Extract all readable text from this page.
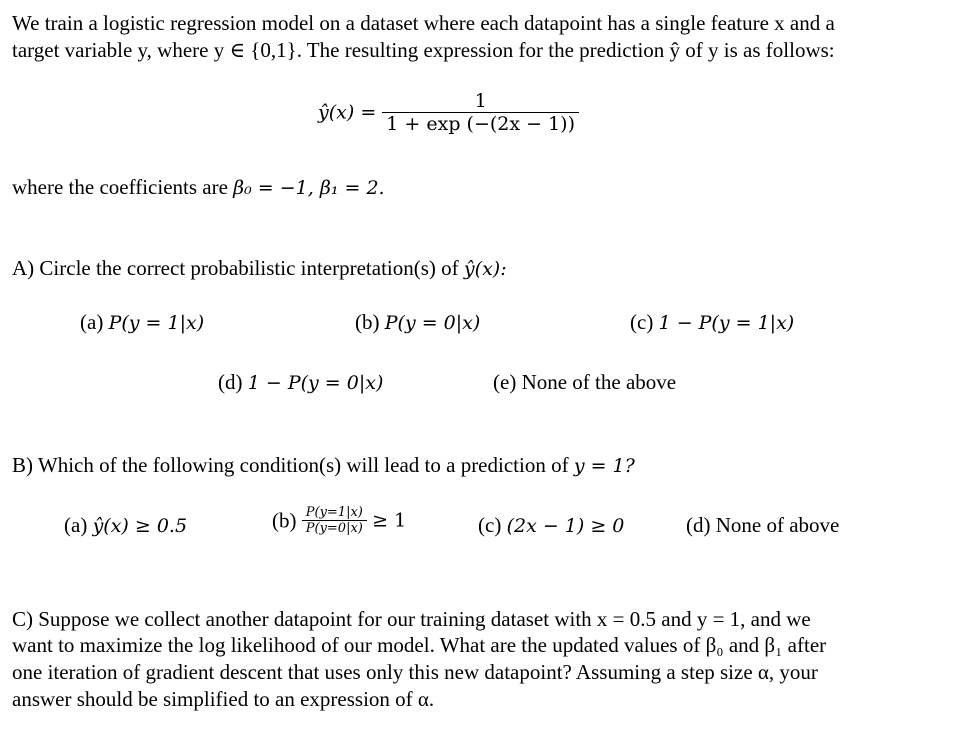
We train a logistic regression model on a dataset where each datapoint has a single feature x and a
target variable y, where y ∈ {0,1}. The resulting expression for the prediction ŷ of y is as follows:
ŷ(x) = $\frac{1}{1 + \exp (-(2x - 1))}$
where the coefficients are β₀ = −1, β₁ = 2.
A) Circle the correct probabilistic interpretation(s) of ŷ(x):
(a) P(y = 1|x)	(b) P(y = 0|x)	(c) 1 − P(y = 1|x)
(d) 1 − P(y = 0|x)	(e) None of the above
B) Which of the following condition(s) will lead to a prediction of y = 1?
(a) ŷ(x) ≥ 0.5	$(b) \frac{P(y=1|x)}{P(y=0|x)} \ge 1$	(c) (2x − 1) ≥ 0	(d) None of above
C) Suppose we collect another datapoint for our training dataset with x = 0.5 and y = 1, and we
want to maximize the log likelihood of our model. What are the updated values of β₀ and β₁ after
one iteration of gradient descent that uses only this new datapoint? Assuming a step size α, your
answer should be simplified to an expression of α.
